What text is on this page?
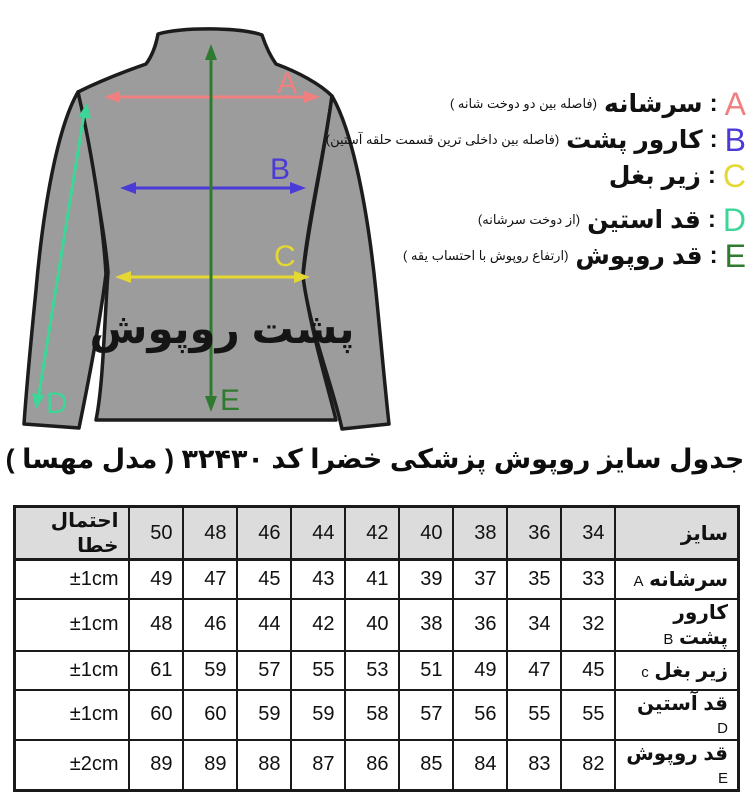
A
B
C
D	E
پشت روپوش
(فاصله بین دو دوخت شانه ) سرشانه : A
(فاصله بین داخلی ترین قسمت حلقه آستین) کارور پشت : B
زیر بغل : C
(از دوخت سرشانه) قد استین : D
(ارتفاع روپوش با احتساب یقه ) قد روپوش : E
جدول سایز روپوش پزشکی خضرا کد ۳۲۴۳۰ ( مدل مهسا )
سایز	34	36	38	40	42	44	46	48	50	احتمال خطا
سرشانه A	33	35	37	39	41	43	45	47	49	±1cm
کارور پشت B	32	34	36	38	40	42	44	46	48	±1cm
زیر بغل c	45	47	49	51	53	55	57	59	61	±1cm
قد آستین D	55	55	56	57	58	59	59	60	60	±1cm
قد روپوش E	82	83	84	85	86	87	88	89	89	±2cm
